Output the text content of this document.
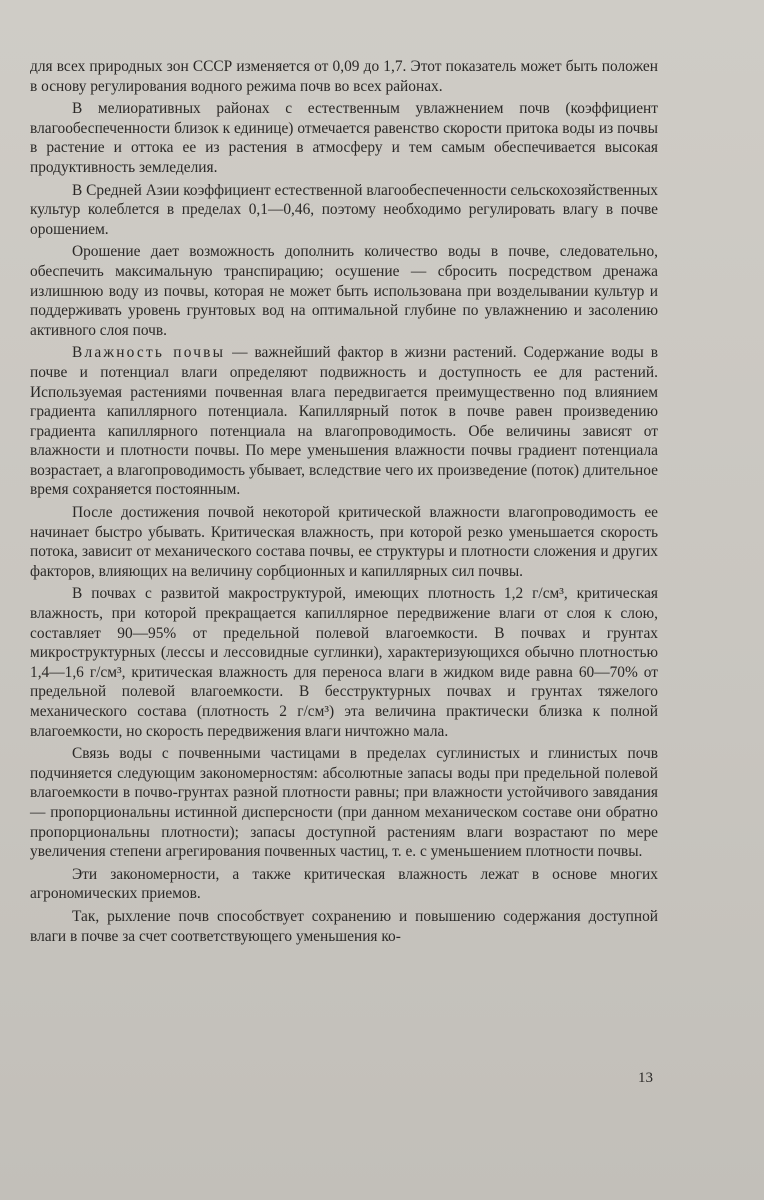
для всех природных зон СССР изменяется от 0,09 до 1,7. Этот показатель может быть положен в основу регулирования водного режима почв во всех районах.

В мелиоративных районах с естественным увлажнением почв (коэффициент влагообеспеченности близок к единице) отмечается равенство скорости притока воды из почвы в растение и оттока ее из растения в атмосферу и тем самым обеспечивается высокая продуктивность земледелия.

В Средней Азии коэффициент естественной влагообеспеченности сельскохозяйственных культур колеблется в пределах 0,1—0,46, поэтому необходимо регулировать влагу в почве орошением.

Орошение дает возможность дополнить количество воды в почве, следовательно, обеспечить максимальную транспирацию; осушение — сбросить посредством дренажа излишнюю воду из почвы, которая не может быть использована при возделывании культур и поддерживать уровень грунтовых вод на оптимальной глубине по увлажнению и засолению активного слоя почв.

Влажность почвы — важнейший фактор в жизни растений. Содержание воды в почве и потенциал влаги определяют подвижность и доступность ее для растений. Используемая растениями почвенная влага передвигается преимущественно под влиянием градиента капиллярного потенциала. Капиллярный поток в почве равен произведению градиента капиллярного потенциала на влагопроводимость. Обе величины зависят от влажности и плотности почвы. По мере уменьшения влажности почвы градиент потенциала возрастает, а влагопроводимость убывает, вследствие чего их произведение (поток) длительное время сохраняется постоянным.

После достижения почвой некоторой критической влажности влагопроводимость ее начинает быстро убывать. Критическая влажность, при которой резко уменьшается скорость потока, зависит от механического состава почвы, ее структуры и плотности сложения и других факторов, влияющих на величину сорбционных и капиллярных сил почвы.

В почвах с развитой макроструктурой, имеющих плотность 1,2 г/см³, критическая влажность, при которой прекращается капиллярное передвижение влаги от слоя к слою, составляет 90—95% от предельной полевой влагоемкости. В почвах и грунтах микроструктурных (лессы и лессовидные суглинки), характеризующихся обычно плотностью 1,4—1,6 г/см³, критическая влажность для переноса влаги в жидком виде равна 60—70% от предельной полевой влагоемкости. В бесструктурных почвах и грунтах тяжелого механического состава (плотность 2 г/см³) эта величина практически близка к полной влагоемкости, но скорость передвижения влаги ничтожно мала.

Связь воды с почвенными частицами в пределах суглинистых и глинистых почв подчиняется следующим закономерностям: абсолютные запасы воды при предельной полевой влагоемкости в почво-грунтах разной плотности равны; при влажности устойчивого завядания — пропорциональны истинной дисперсности (при данном механическом составе они обратно пропорциональны плотности); запасы доступной растениям влаги возрастают по мере увеличения степени агрегирования почвенных частиц, т. е. с уменьшением плотности почвы.

Эти закономерности, а также критическая влажность лежат в основе многих агрономических приемов.

Так, рыхление почв способствует сохранению и повышению содержания доступной влаги в почве за счет соответствующего уменьшения ко-

13
